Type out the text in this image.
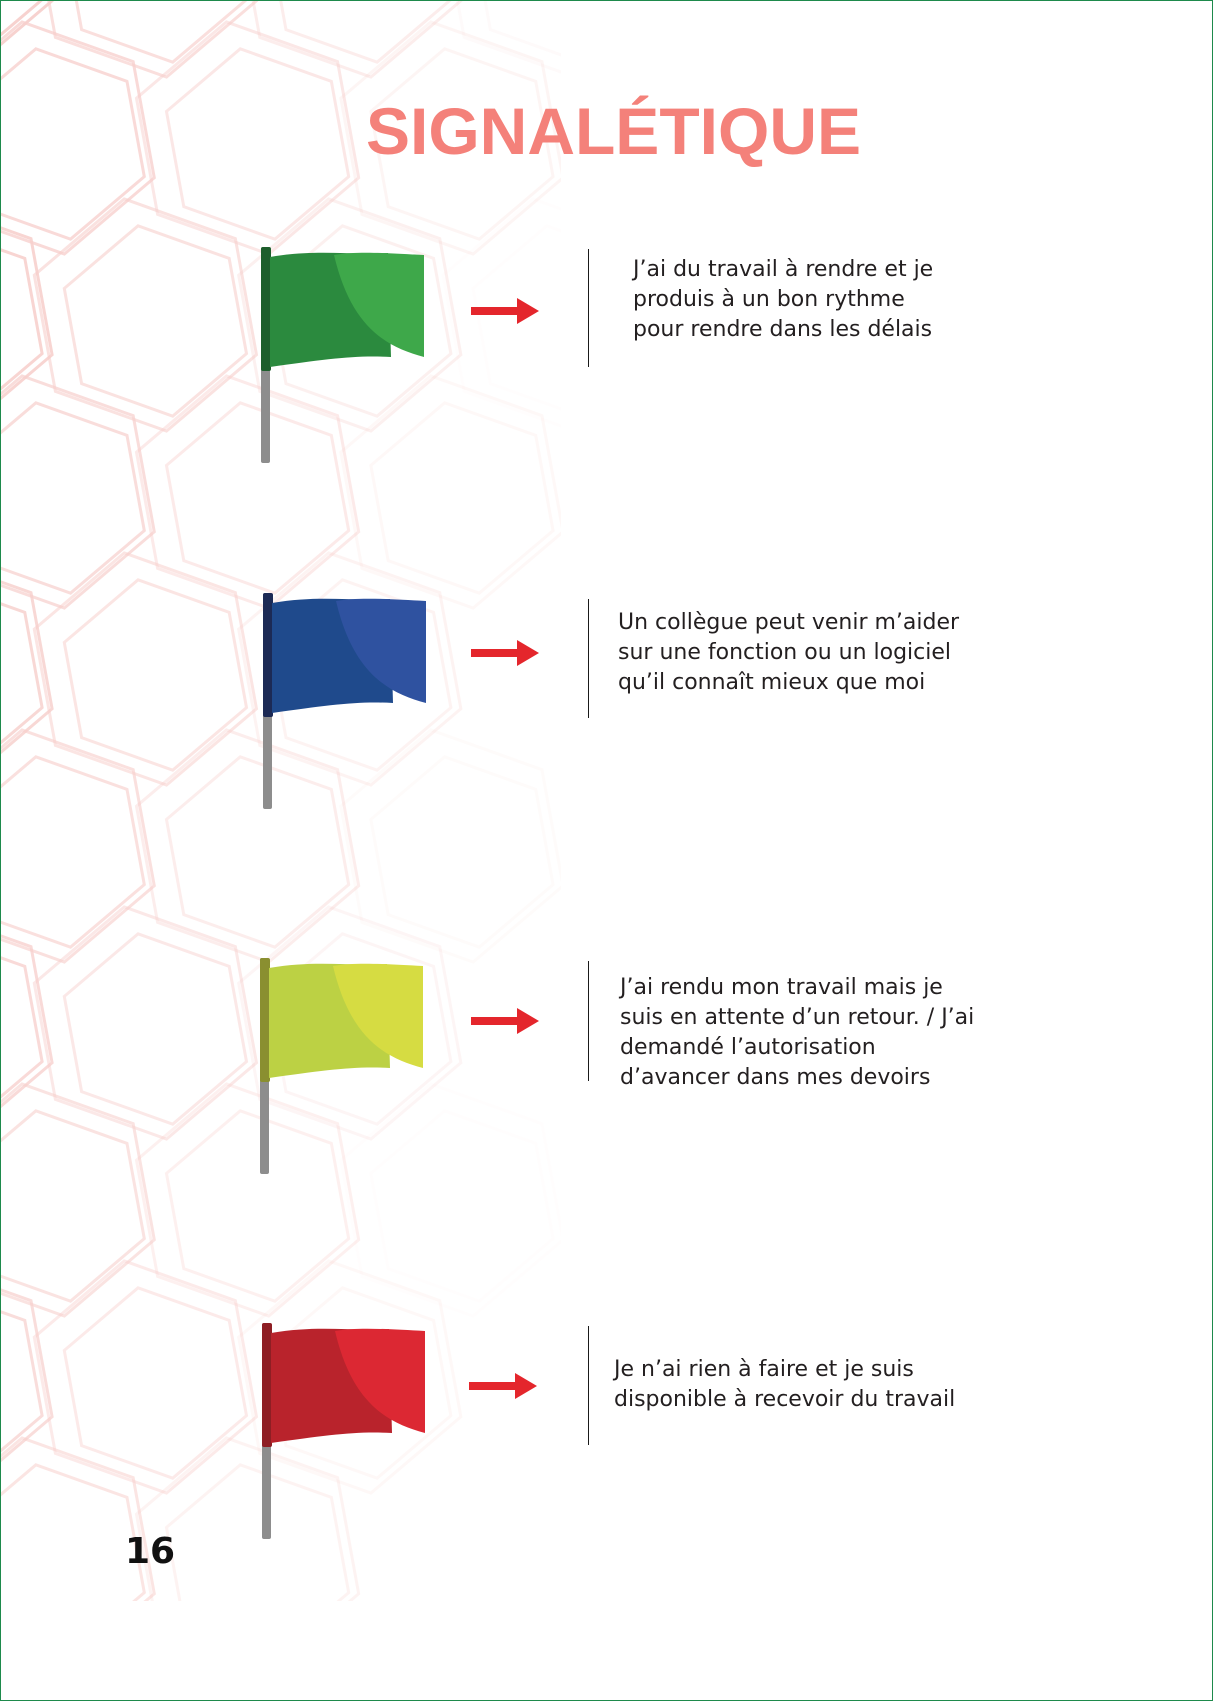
SIGNALÉTIQUE

J’ai du travail à rendre et je
produis à un bon rythme
pour rendre dans les délais

Un collègue peut venir m’aider
sur une fonction ou un logiciel
qu’il connaît mieux que moi

J’ai rendu mon travail mais je
suis en attente d’un retour. / J’ai
demandé l’autorisation
d’avancer dans mes devoirs

Je n’ai rien à faire et je suis
disponible à recevoir du travail

16
